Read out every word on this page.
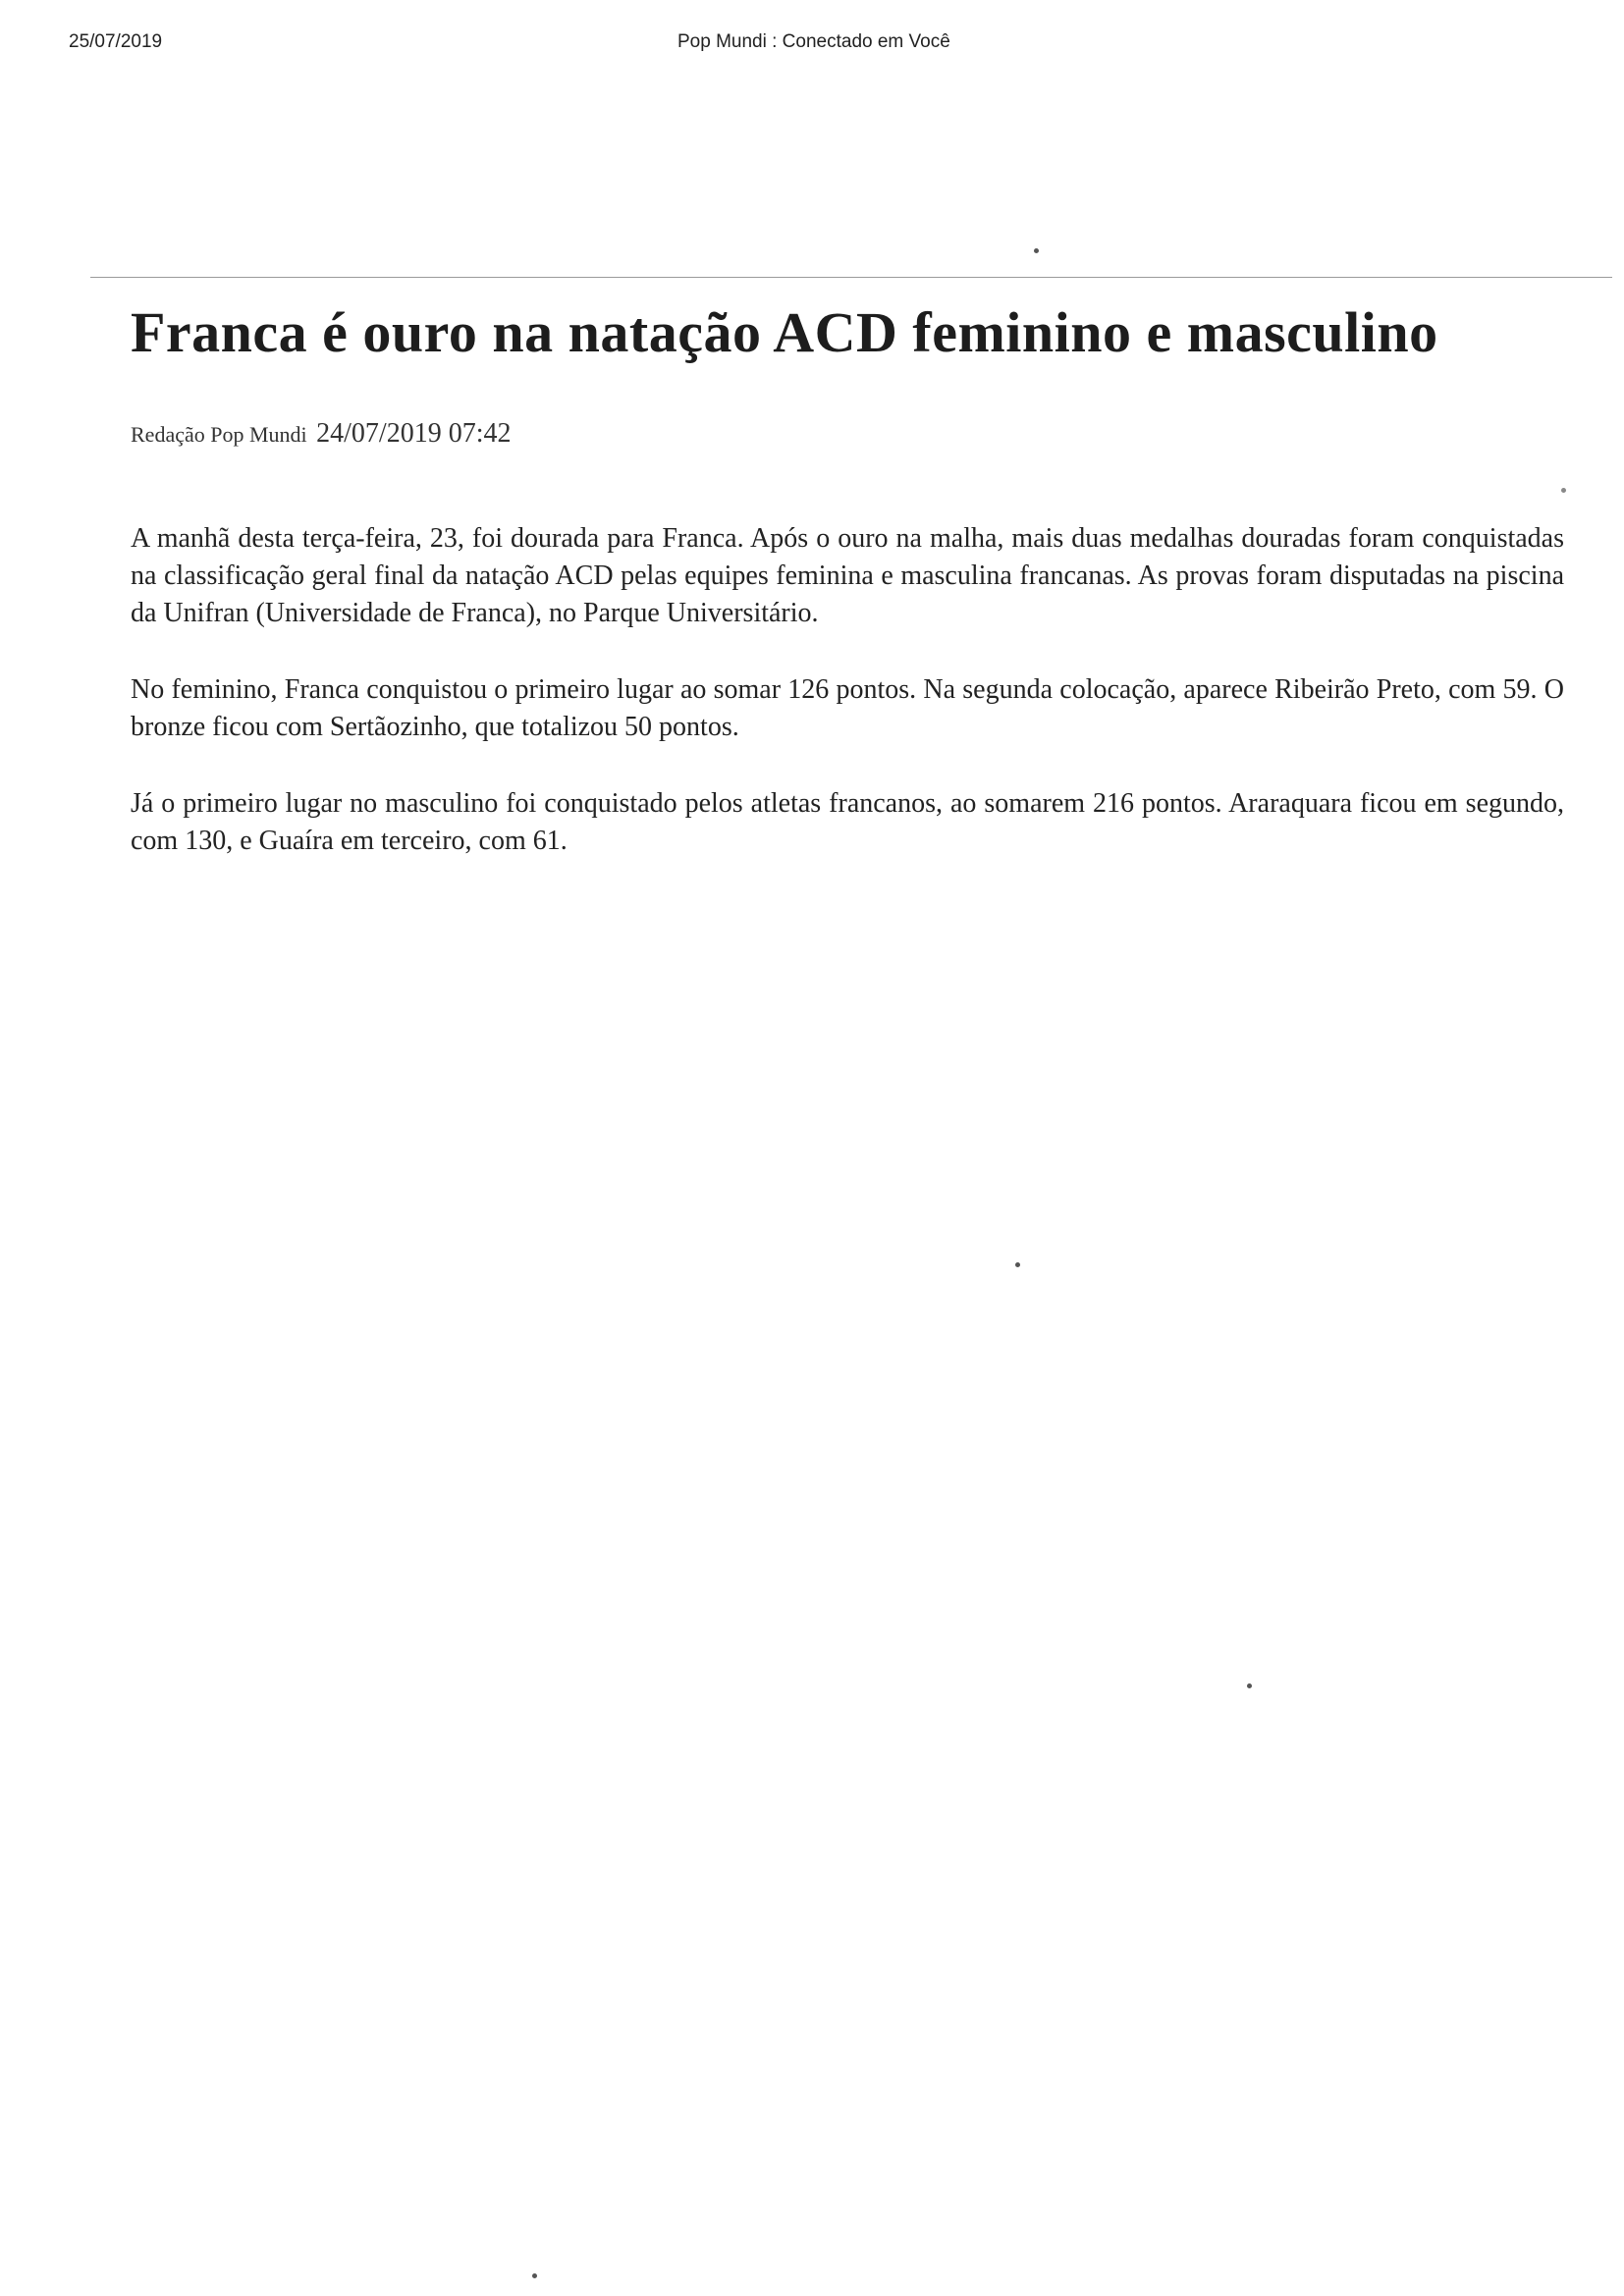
25/07/2019	Pop Mundi : Conectado em Você
Franca é ouro na natação ACD feminino e masculino
Redação Pop Mundi 24/07/2019 07:42

A manhã desta terça-feira, 23, foi dourada para Franca. Após o ouro na malha, mais duas medalhas douradas foram conquistadas na classificação geral final da natação ACD pelas equipes feminina e masculina francanas. As provas foram disputadas na piscina da Unifran (Universidade de Franca), no Parque Universitário.

No feminino, Franca conquistou o primeiro lugar ao somar 126 pontos. Na segunda colocação, aparece Ribeirão Preto, com 59. O bronze ficou com Sertãozinho, que totalizou 50 pontos.

Já o primeiro lugar no masculino foi conquistado pelos atletas francanos, ao somarem 216 pontos. Araraquara ficou em segundo, com 130, e Guaíra em terceiro, com 61.
